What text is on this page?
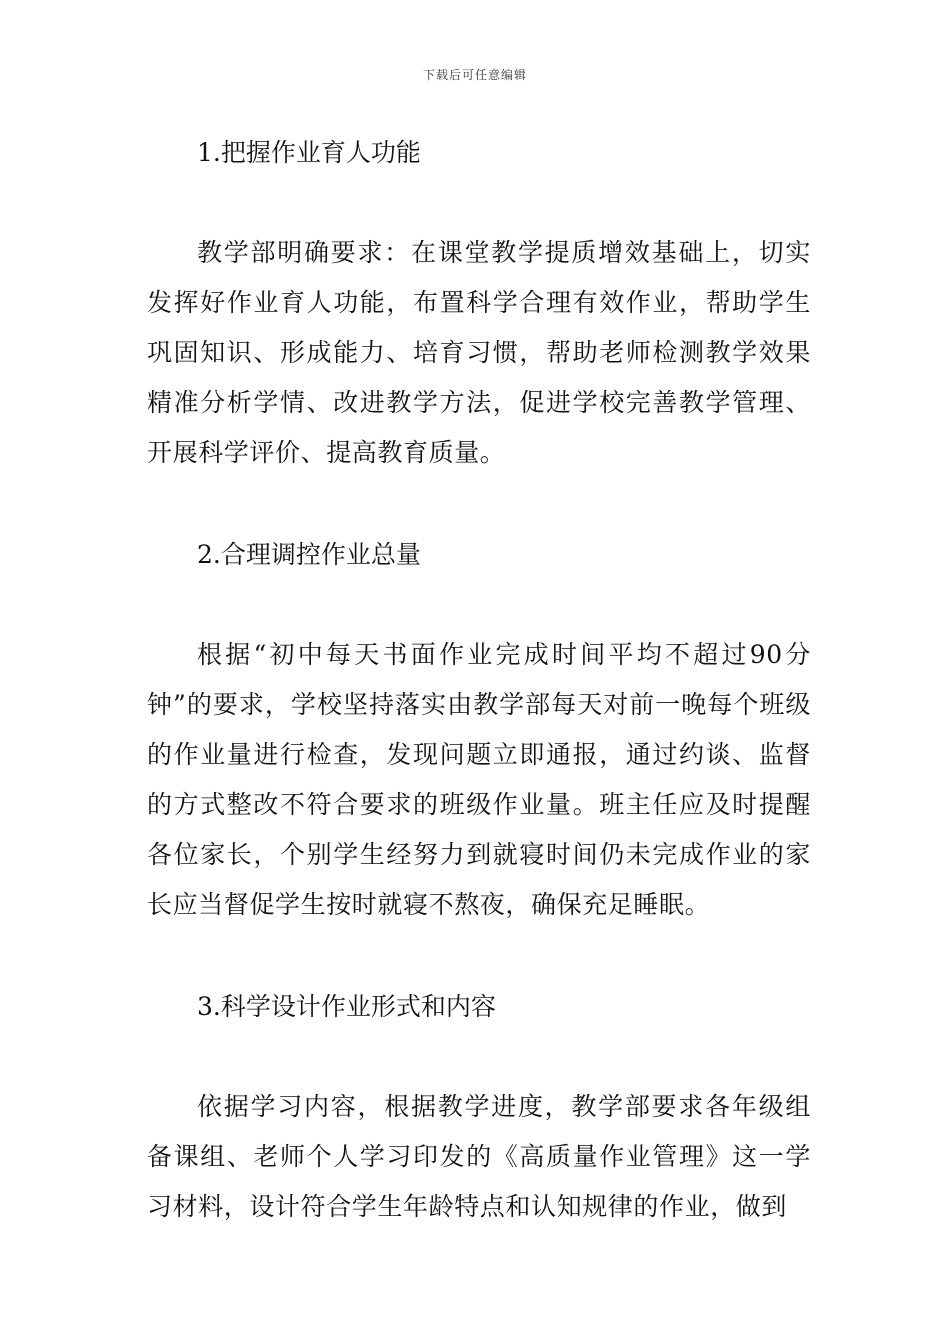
下载后可任意编辑
1.把握作业育人功能

教学部明确要求：在课堂教学提质增效基础上，切实发挥好作业育人功能，布置科学合理有效作业，帮助学生巩固知识、形成能力、培育习惯，帮助老师检测教学效果精准分析学情、改进教学方法，促进学校完善教学管理、开展科学评价、提高教育质量。

2.合理调控作业总量

根据“初中每天书面作业完成时间平均不超过90分钟”的要求，学校坚持落实由教学部每天对前一晚每个班级的作业量进行检查，发现问题立即通报，通过约谈、监督的方式整改不符合要求的班级作业量。班主任应及时提醒各位家长，个别学生经努力到就寝时间仍未完成作业的家长应当督促学生按时就寝不熬夜，确保充足睡眠。

3.科学设计作业形式和内容

依据学习内容，根据教学进度，教学部要求各年级组备课组、老师个人学习印发的《高质量作业管理》这一学习材料，设计符合学生年龄特点和认知规律的作业，做到
